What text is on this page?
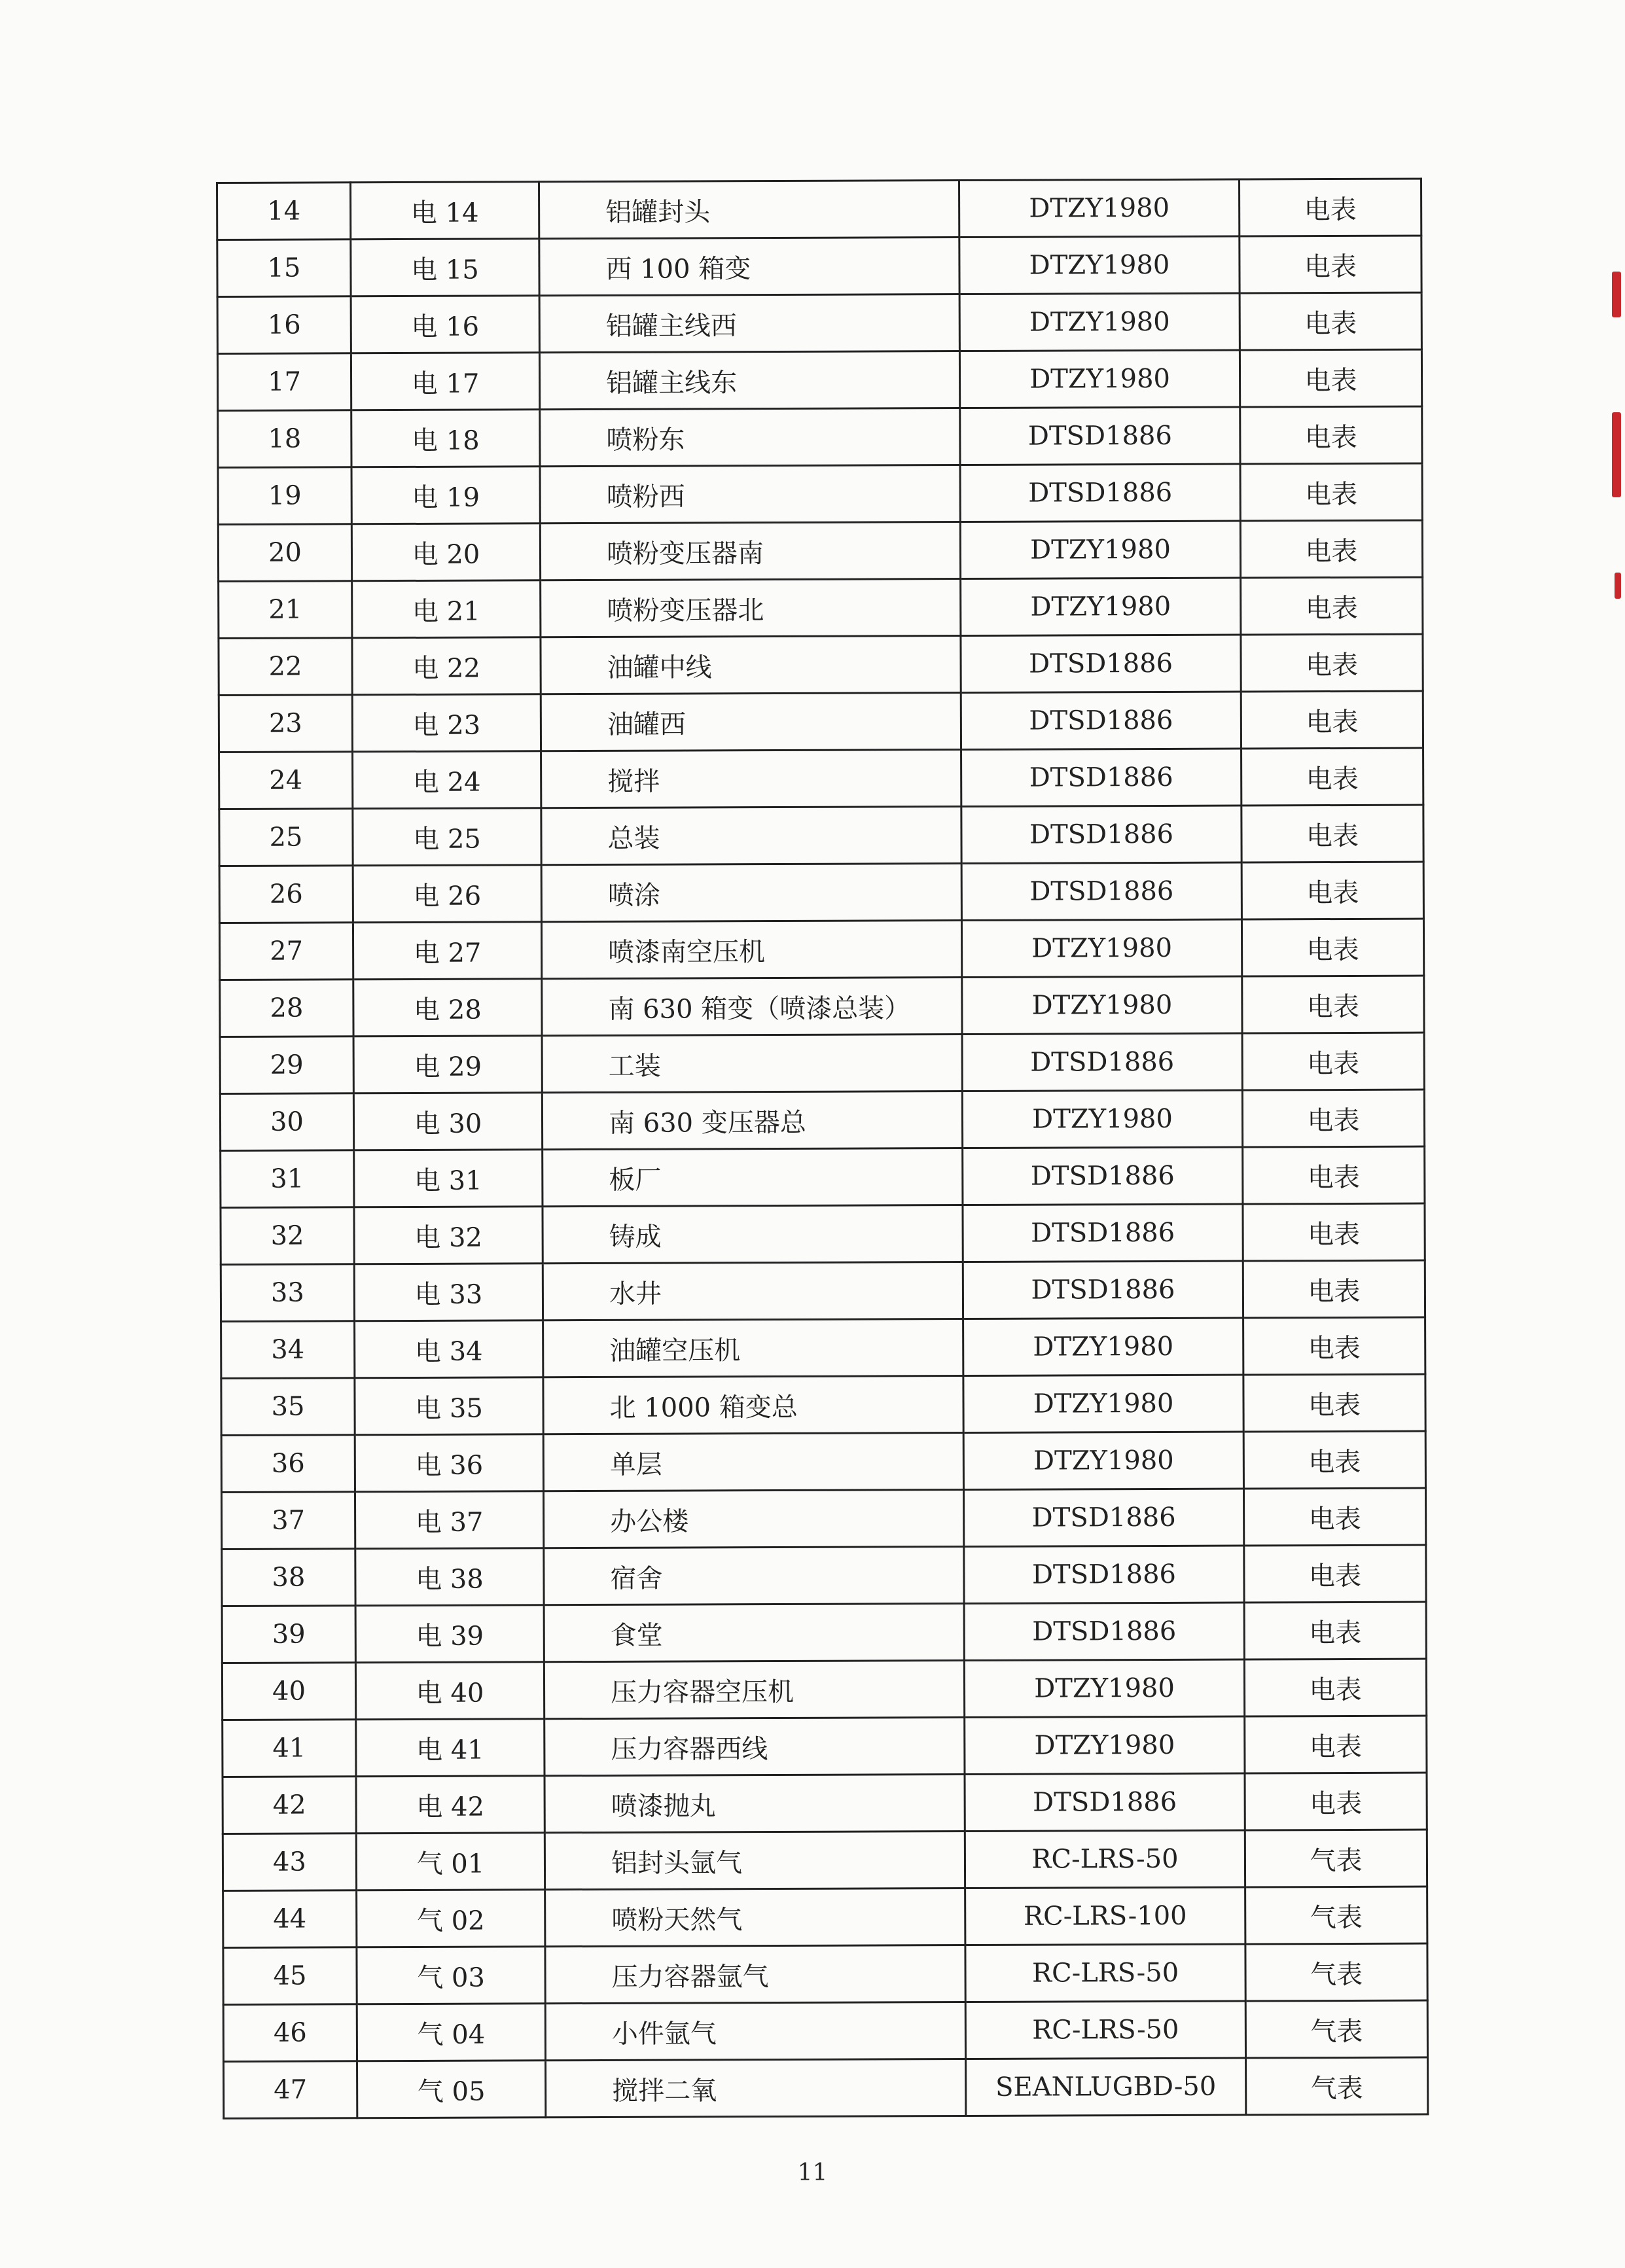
14	电 14	铝罐封头	DTZY1980	电表
15	电 15	西 100 箱变	DTZY1980	电表
16	电 16	铝罐主线西	DTZY1980	电表
17	电 17	铝罐主线东	DTZY1980	电表
18	电 18	喷粉东	DTSD1886	电表
19	电 19	喷粉西	DTSD1886	电表
20	电 20	喷粉变压器南	DTZY1980	电表
21	电 21	喷粉变压器北	DTZY1980	电表
22	电 22	油罐中线	DTSD1886	电表
23	电 23	油罐西	DTSD1886	电表
24	电 24	搅拌	DTSD1886	电表
25	电 25	总装	DTSD1886	电表
26	电 26	喷涂	DTSD1886	电表
27	电 27	喷漆南空压机	DTZY1980	电表
28	电 28	南 630 箱变（喷漆总装）	DTZY1980	电表
29	电 29	工装	DTSD1886	电表
30	电 30	南 630 变压器总	DTZY1980	电表
31	电 31	板厂	DTSD1886	电表
32	电 32	铸成	DTSD1886	电表
33	电 33	水井	DTSD1886	电表
34	电 34	油罐空压机	DTZY1980	电表
35	电 35	北 1000 箱变总	DTZY1980	电表
36	电 36	单层	DTZY1980	电表
37	电 37	办公楼	DTSD1886	电表
38	电 38	宿舍	DTSD1886	电表
39	电 39	食堂	DTSD1886	电表
40	电 40	压力容器空压机	DTZY1980	电表
41	电 41	压力容器西线	DTZY1980	电表
42	电 42	喷漆抛丸	DTSD1886	电表
43	气 01	铝封头氩气	RC-LRS-50	气表
44	气 02	喷粉天然气	RC-LRS-100	气表
45	气 03	压力容器氩气	RC-LRS-50	气表
46	气 04	小件氩气	RC-LRS-50	气表
47	气 05	搅拌二氧	SEANLUGBD-50	气表
11
